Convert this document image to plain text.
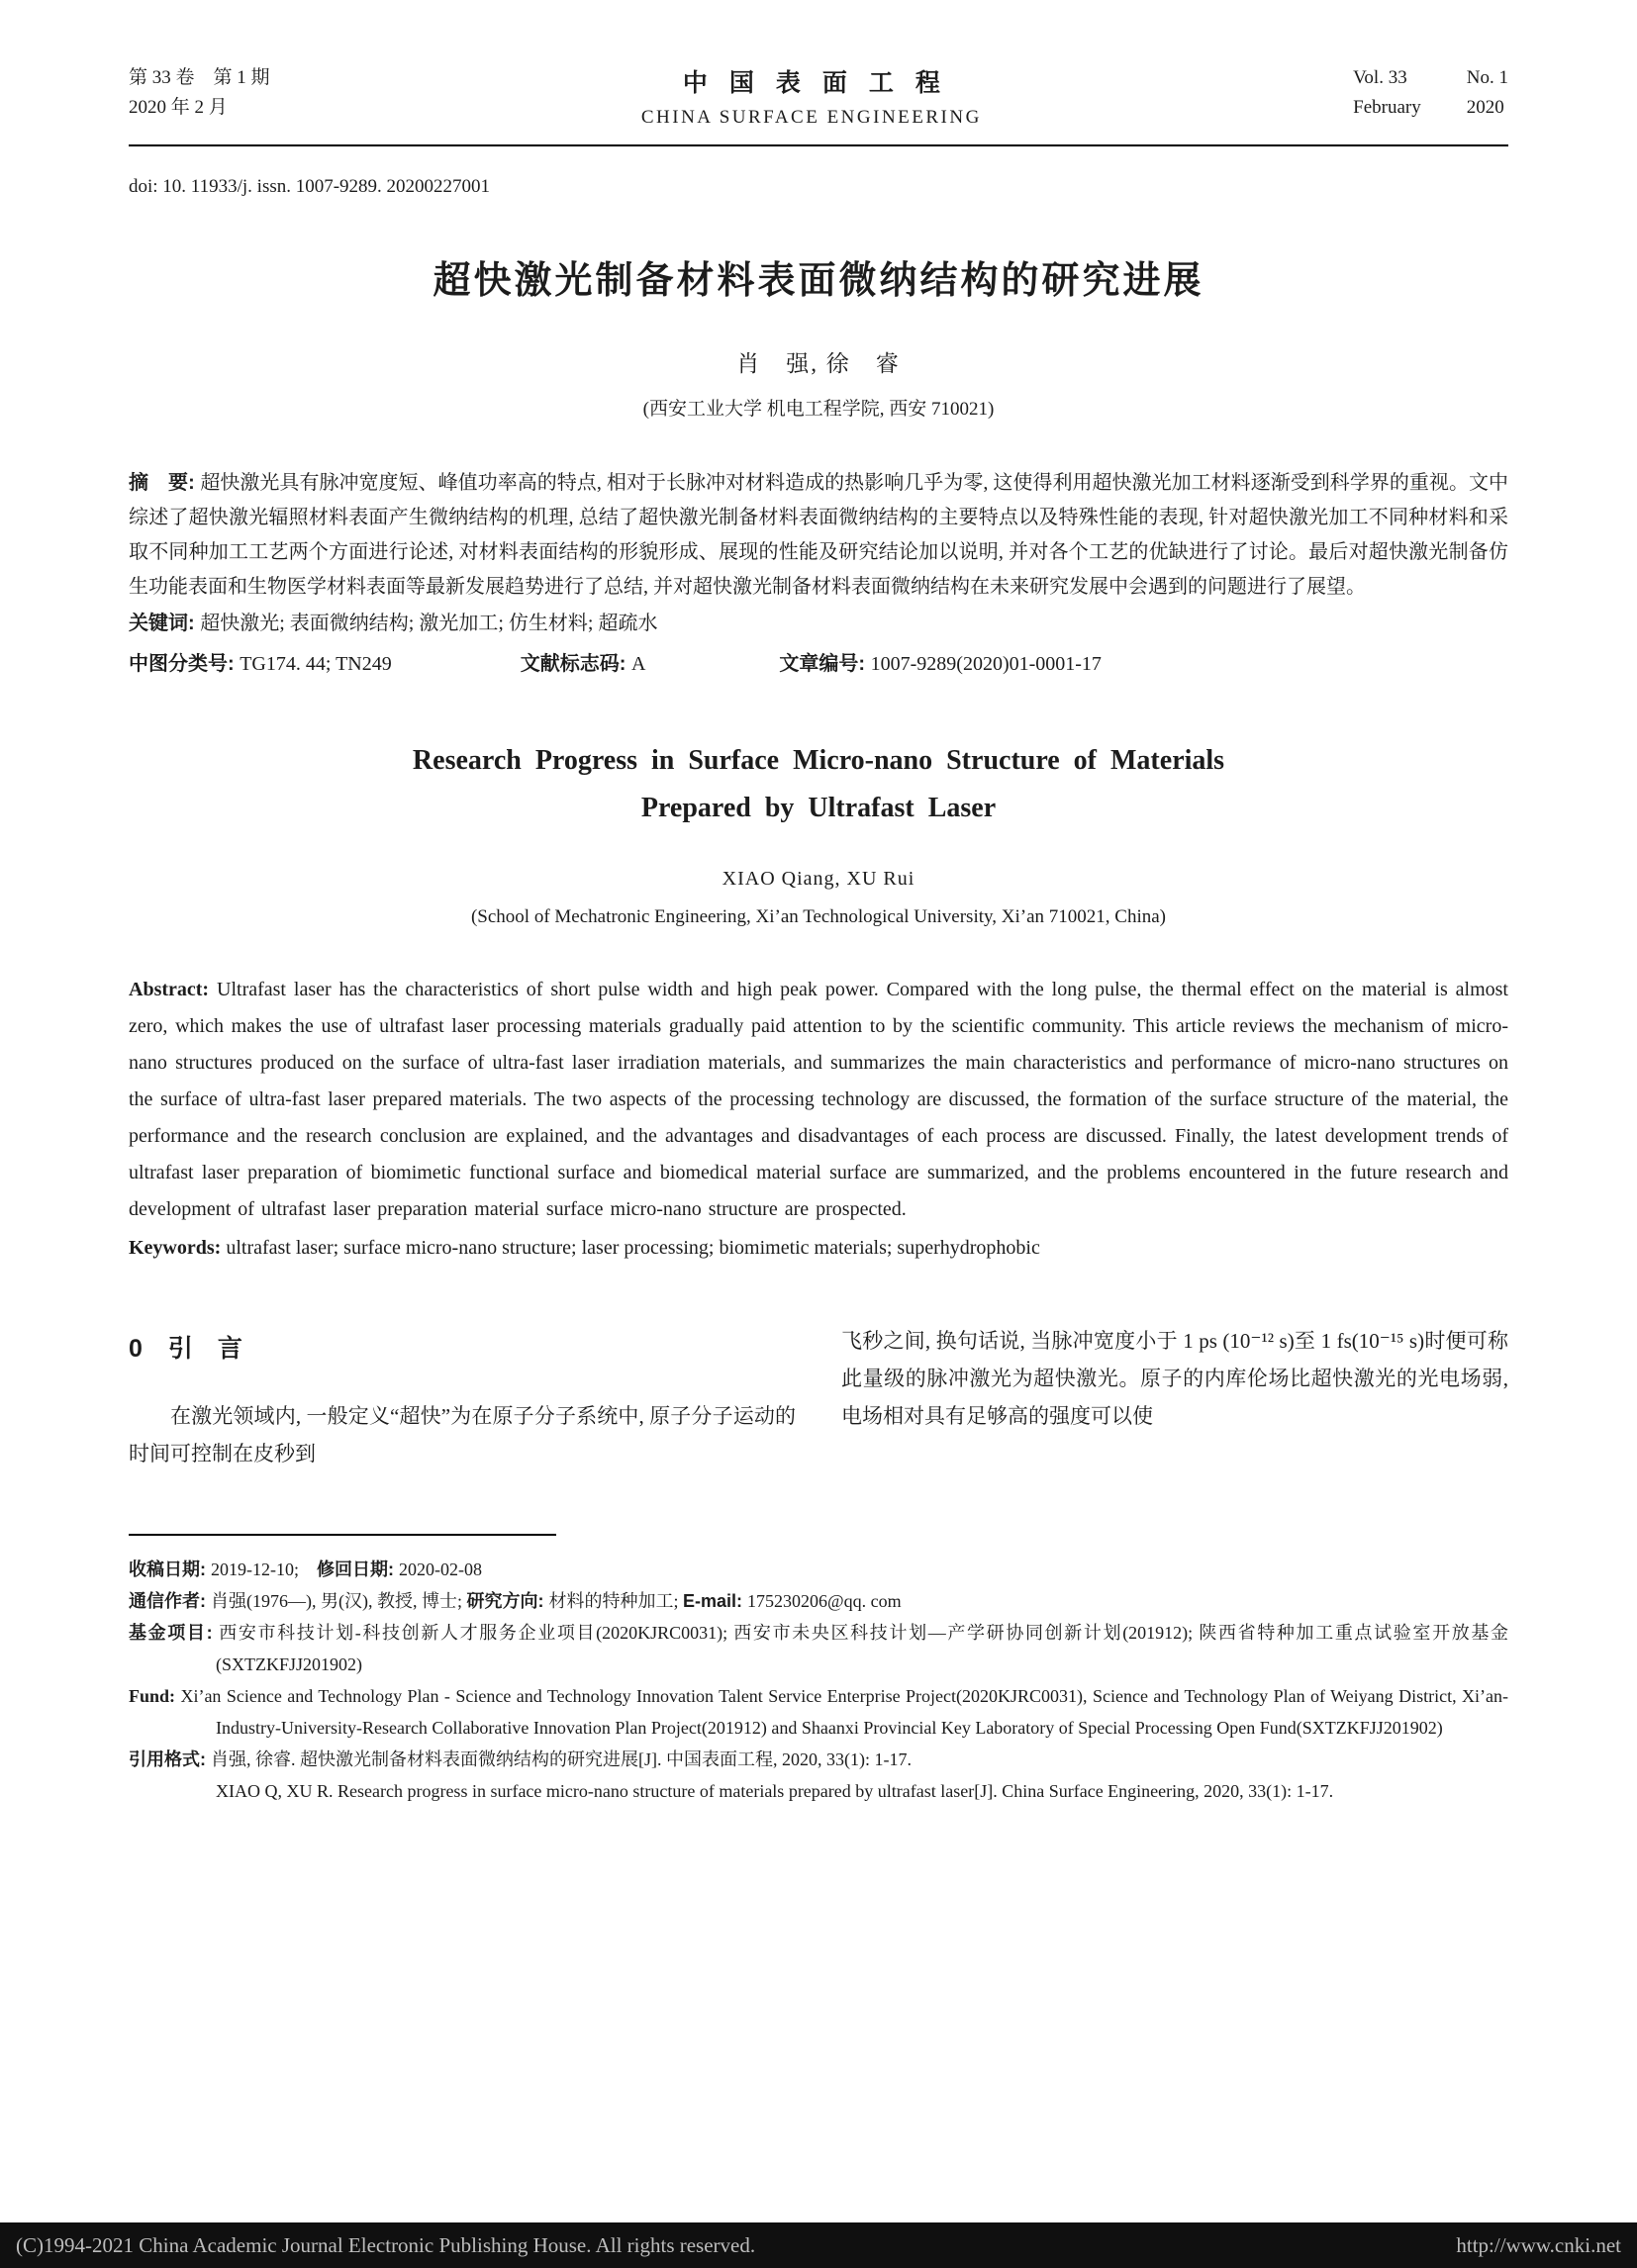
第 33 卷　第 1 期
2020 年 2 月
中国表面工程
CHINA SURFACE ENGINEERING
Vol. 33
February
No. 1
2020
doi: 10. 11933/j. issn. 1007-9289. 20200227001
超快激光制备材料表面微纳结构的研究进展
肖　强, 徐　睿
(西安工业大学 机电工程学院, 西安 710021)

摘　要: 超快激光具有脉冲宽度短、峰值功率高的特点, 相对于长脉冲对材料造成的热影响几乎为零, 这使得利用超快激光加工材料逐渐受到科学界的重视。文中综述了超快激光辐照材料表面产生微纳结构的机理, 总结了超快激光制备材料表面微纳结构的主要特点以及特殊性能的表现, 针对超快激光加工不同种材料和采取不同种加工工艺两个方面进行论述, 对材料表面结构的形貌形成、展现的性能及研究结论加以说明, 并对各个工艺的优缺进行了讨论。最后对超快激光制备仿生功能表面和生物医学材料表面等最新发展趋势进行了总结, 并对超快激光制备材料表面微纳结构在未来研究发展中会遇到的问题进行了展望。

关键词: 超快激光; 表面微纳结构; 激光加工; 仿生材料; 超疏水

中图分类号: TG174. 44; TN249	文献标志码: A	文章编号: 1007-9289(2020)01-0001-17
Research Progress in Surface Micro-nano Structure of Materials
Prepared by Ultrafast Laser
XIAO Qiang, XU Rui
(School of Mechatronic Engineering, Xi’an Technological University, Xi’an 710021, China)

Abstract: Ultrafast laser has the characteristics of short pulse width and high peak power. Compared with the long pulse, the thermal effect on the material is almost zero, which makes the use of ultrafast laser processing materials gradually paid attention to by the scientific community. This article reviews the mechanism of micro-nano structures produced on the surface of ultra-fast laser irradiation materials, and summarizes the main characteristics and performance of micro-nano structures on the surface of ultra-fast laser prepared materials. The two aspects of the processing technology are discussed, the formation of the surface structure of the material, the performance and the research conclusion are explained, and the advantages and disadvantages of each process are discussed. Finally, the latest development trends of ultrafast laser preparation of biomimetic functional surface and biomedical material surface are summarized, and the problems encountered in the future research and development of ultrafast laser preparation material surface micro-nano structure are prospected.

Keywords: ultrafast laser; surface micro-nano structure; laser processing; biomimetic materials; superhydrophobic

0 引　言

在激光领域内, 一般定义“超快”为在原子分子系统中, 原子分子运动的时间可控制在皮秒到

飞秒之间, 换句话说, 当脉冲宽度小于 1 ps (10⁻¹² s)至 1 fs(10⁻¹⁵ s)时便可称此量级的脉冲激光为超快激光。原子的内库伦场比超快激光的光电场弱, 电场相对具有足够高的强度可以使

收稿日期: 2019-12-10;　修回日期: 2020-02-08
通信作者: 肖强(1976—), 男(汉), 教授, 博士; 研究方向: 材料的特种加工; E-mail: 175230206@qq. com
基金项目: 西安市科技计划-科技创新人才服务企业项目(2020KJRC0031); 西安市未央区科技计划—产学研协同创新计划(201912); 陕西省特种加工重点试验室开放基金(SXTZKFJJ201902)
Fund: Xi’an Science and Technology Plan - Science and Technology Innovation Talent Service Enterprise Project(2020KJRC0031), Science and Technology Plan of Weiyang District, Xi’an-Industry-University-Research Collaborative Innovation Plan Project(201912) and Shaanxi Provincial Key Laboratory of Special Processing Open Fund(SXTZKFJJ201902)
引用格式: 肖强, 徐睿. 超快激光制备材料表面微纳结构的研究进展[J]. 中国表面工程, 2020, 33(1): 1-17.
XIAO Q, XU R. Research progress in surface micro-nano structure of materials prepared by ultrafast laser[J]. China Surface Engineering, 2020, 33(1): 1-17.
(C)1994-2021 China Academic Journal Electronic Publishing House. All rights reserved.	http://www.cnki.net
